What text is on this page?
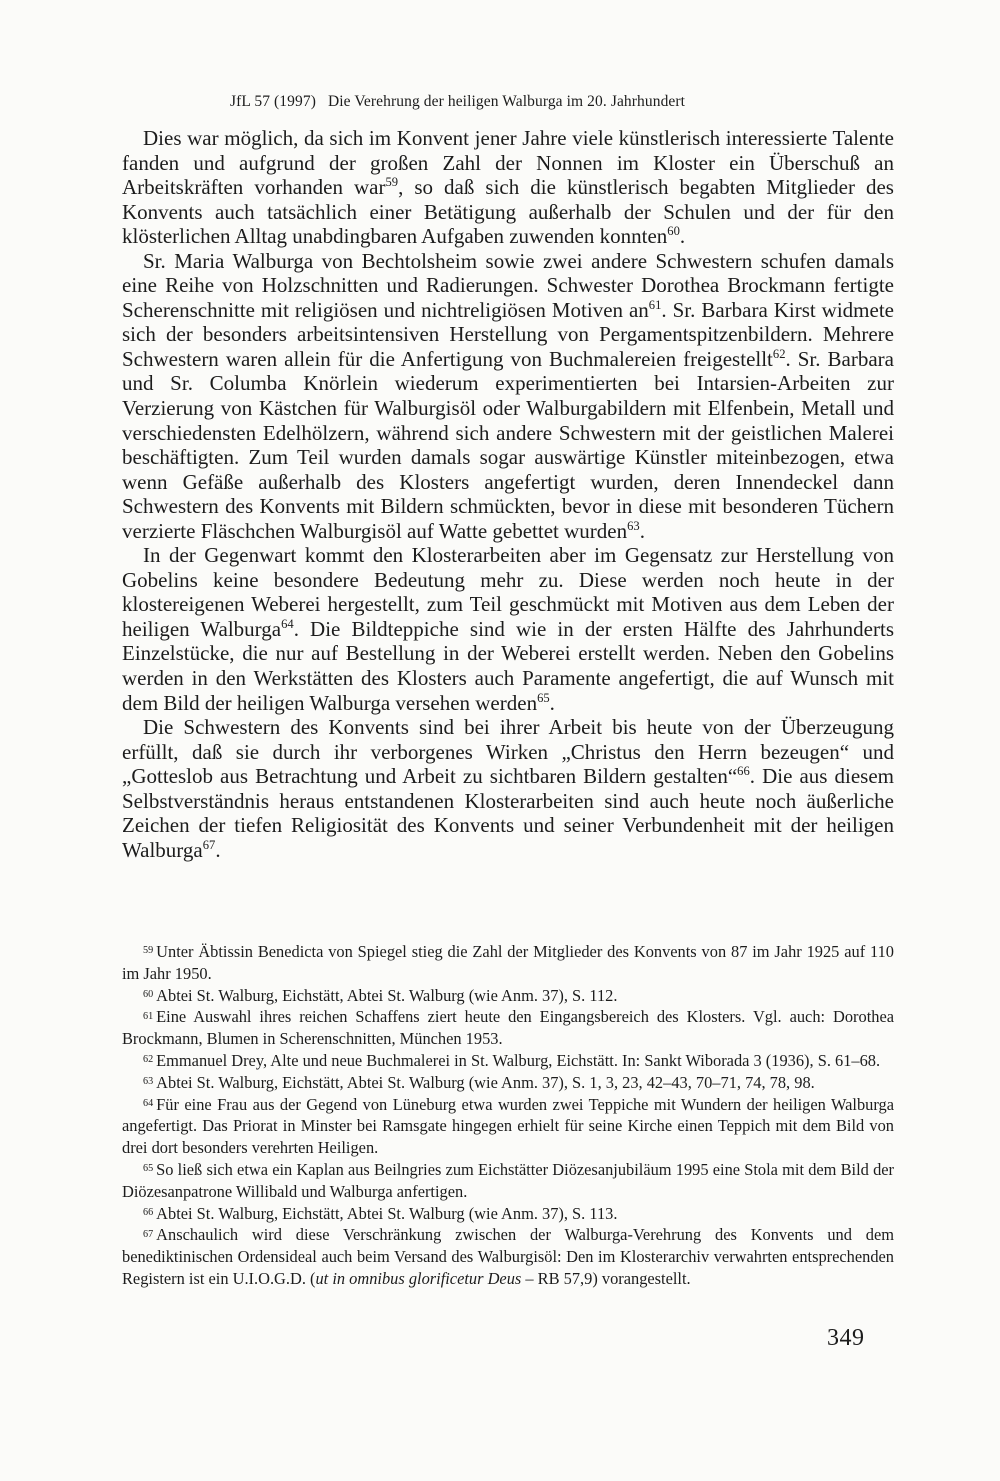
JfL 57 (1997) Die Verehrung der heiligen Walburga im 20. Jahrhundert

Dies war möglich, da sich im Konvent jener Jahre viele künstlerisch interessierte Talente fanden und aufgrund der großen Zahl der Nonnen im Kloster ein Überschuß an Arbeitskräften vorhanden war$^{59}$, so daß sich die künstlerisch begabten Mitglieder des Konvents auch tatsächlich einer Betätigung außerhalb der Schulen und der für den klösterlichen Alltag unabdingbaren Aufgaben zuwenden konnten$^{60}$.

Sr. Maria Walburga von Bechtolsheim sowie zwei andere Schwestern schufen damals eine Reihe von Holzschnitten und Radierungen. Schwester Dorothea Brockmann fertigte Scherenschnitte mit religiösen und nichtreligiösen Motiven $an^{61}$. Sr. Barbara Kirst widmete sich der besonders arbeitsintensiven Herstellung von Pergamentspitzenbildern. Mehrere Schwestern waren allein für die Anfertigung von Buchmalereien freigestellt$^{62}$. Sr. Barbara und Sr. Columba Knörlein wiederum experimentierten bei Intarsien-Arbeiten zur Verzierung von Kästchen für Walburgisöl oder Walburgabildern mit Elfenbein, Metall und verschiedensten Edelhölzern, während sich andere Schwestern mit der geistlichen Malerei beschäftigten. Zum Teil wurden damals sogar auswärtige Künstler miteinbezogen, etwa wenn Gefäße außerhalb des Klosters angefertigt wurden, deren Innendeckel dann Schwestern des Konvents mit Bildern schmückten, bevor in diese mit besonderen Tüchern verzierte Fläschchen Walburgisöl auf Watte gebettet wurden$^{63}$.

In der Gegenwart kommt den Klosterarbeiten aber im Gegensatz zur Herstellung von Gobelins keine besondere Bedeutung mehr zu. Diese werden noch heute in der klostereigenen Weberei hergestellt, zum Teil geschmückt mit Motiven aus dem Leben der heiligen Walburga$^{64}$. Die Bildteppiche sind wie in der ersten Hälfte des Jahrhunderts Einzelstücke, die nur auf Bestellung in der Weberei erstellt werden. Neben den Gobelins werden in den Werkstätten des Klosters auch Paramente angefertigt, die auf Wunsch mit dem Bild der heiligen Walburga versehen werden$^{65}$.

Die Schwestern des Konvents sind bei ihrer Arbeit bis heute von der Überzeugung erfüllt, daß sie durch ihr verborgenes Wirken „Christus den Herrn bezeugen“ und „Gotteslob aus Betrachtung und Arbeit zu sichtbaren Bildern gestalten“$^{66}$. Die aus diesem Selbstverständnis heraus entstandenen Klosterarbeiten sind auch heute noch äußerliche Zeichen der tiefen Religiosität des Konvents und seiner Verbundenheit mit der heiligen Walburga$^{67}$.

$^{59}$ Unter Äbtissin Benedicta von Spiegel stieg die Zahl der Mitglieder des Konvents von 87 im Jahr 1925 auf 110 im Jahr 1950.

$^{60}$ Abtei St. Walburg, Eichstätt, Abtei St. Walburg (wie Anm. 37), S. 112.

$^{61}$ Eine Auswahl ihres reichen Schaffens ziert heute den Eingangsbereich des Klosters. Vgl. auch: Dorothea Brockmann, Blumen in Scherenschnitten, München 1953.

$^{62}$ Emmanuel Drey, Alte und neue Buchmalerei in St. Walburg, Eichstätt. In: Sankt Wiborada 3 (1936), S. 61–68.

$^{63}$ Abtei St. Walburg, Eichstätt, Abtei St. Walburg (wie Anm. 37), S. 1, 3, 23, 42–43, 70–71, 74, 78, 98.

$^{64}$ Für eine Frau aus der Gegend von Lüneburg etwa wurden zwei Teppiche mit Wundern der heiligen Walburga angefertigt. Das Priorat in Minster bei Ramsgate hingegen erhielt für seine Kirche einen Teppich mit dem Bild von drei dort besonders verehrten Heiligen.

$^{65}$ So ließ sich etwa ein Kaplan aus Beilngries zum Eichstätter Diözesanjubiläum 1995 eine Stola mit dem Bild der Diözesanpatrone Willibald und Walburga anfertigen.

$^{66}$ Abtei St. Walburg, Eichstätt, Abtei St. Walburg (wie Anm. 37), S. 113.

$^{67}$ Anschaulich wird diese Verschränkung zwischen der Walburga-Verehrung des Konvents und dem benediktinischen Ordensideal auch beim Versand des Walburgisöl: Den im Klosterarchiv verwahrten entsprechenden Registern ist ein U.I.O.G.D. (ut in omnibus glorificetur Deus – RB 57,9) vorangestellt.

349
